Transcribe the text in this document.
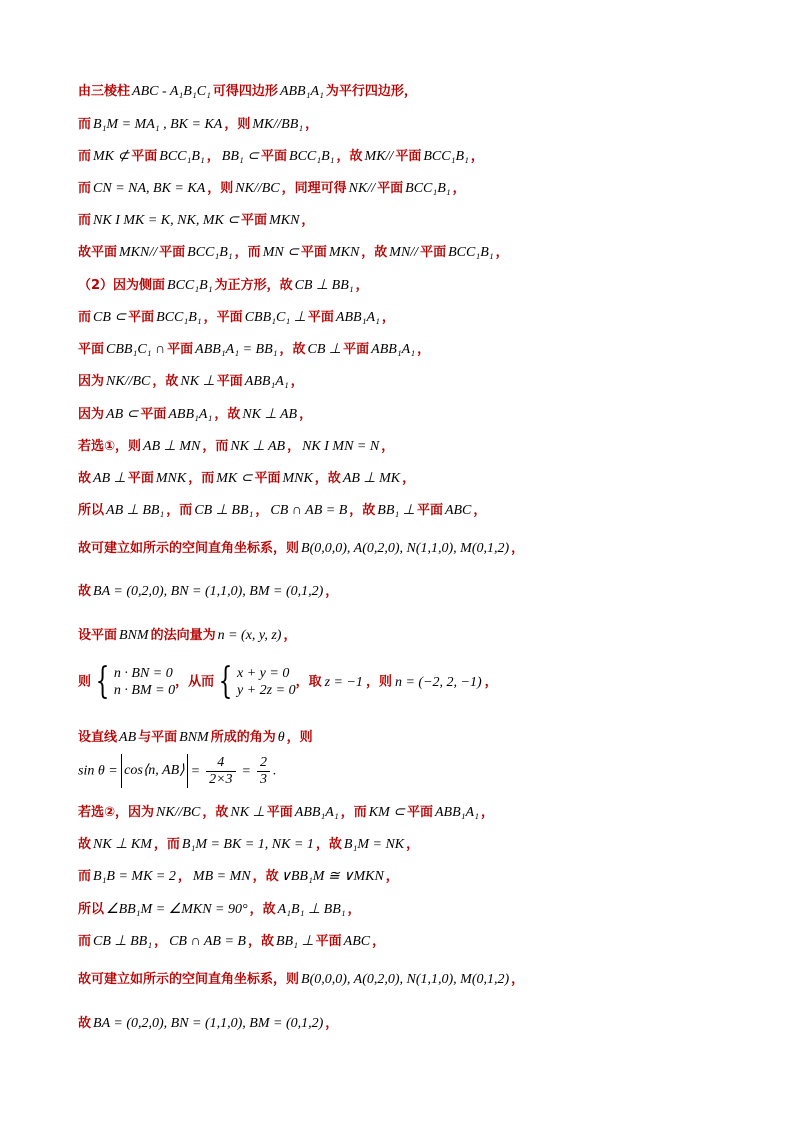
由三棱柱 ABC - A₁B₁C₁ 可得四边形 ABB₁A₁ 为平行四边形，
而 B₁M = MA₁ , BK = KA ，则 MK//BB₁ ，
而 MK ⊄ 平面 BCC₁B₁ ， BB₁ ⊂ 平面 BCC₁B₁ ，故 MK// 平面 BCC₁B₁ ，
而 CN = NA, BK = KA ，则 NK//BC ，同理可得 NK// 平面 BCC₁B₁ ，
而 NK I MK = K, NK, MK ⊂ 平面 MKN ，
故平面 MKN// 平面 BCC₁B₁ ，而 MN ⊂ 平面 MKN ，故 MN// 平面 BCC₁B₁ ，
（2）因为侧面 BCC₁B₁ 为正方形，故 CB ⊥ BB₁ ，
而 CB ⊂ 平面 BCC₁B₁ ，平面 CBB₁C₁ ⊥ 平面 ABB₁A₁ ，
平面 CBB₁C₁ ∩ 平面 ABB₁A₁ = BB₁ ，故 CB ⊥ 平面 ABB₁A₁ ，
因为 NK//BC ，故 NK ⊥ 平面 ABB₁A₁ ，
因为 AB ⊂ 平面 ABB₁A₁ ，故 NK ⊥ AB ，
若选①，则 AB ⊥ MN ，而 NK ⊥ AB ， NK I MN = N ，
故 AB ⊥ 平面 MNK ，而 MK ⊂ 平面 MNK ，故 AB ⊥ MK ，
所以 AB ⊥ BB₁ ，而 CB ⊥ BB₁ ， CB ∩ AB = B ，故 BB₁ ⊥ 平面 ABC ，
故可建立如所示的空间直角坐标系，则 B(0,0,0), A(0,2,0), N(1,1,0), M(0,1,2) ，
故 BA = (0,2,0), BN = (1,1,0), BM = (0,1,2) ，
设平面 BNM 的法向量为 n = (x, y, z) ，
则 { n · BN = 0
n · BM = 0
，从而 { x + y = 0
y + 2z = 0
，取 z = −1 ，则 n = (−2, 2, −1) ，
设直线 AB 与平面 BNM 所成的角为 θ ，则
sin θ = cos⟨n, AB⟩ = $\frac{4}{2\times 3} = \frac{2}{3}$ .
若选②，因为 NK//BC ，故 NK ⊥ 平面 ABB₁A₁ ，而 KM ⊂ 平面 ABB₁A₁ ，
故 NK ⊥ KM ，而 B₁M = BK = 1, NK = 1 ，故 B₁M = NK ，
而 B₁B = MK = 2 ， MB = MN ，故 ∨BB₁M ≅ ∨MKN ，
所以 ∠BB₁M = ∠MKN = 90° ，故 A₁B₁ ⊥ BB₁ ，
而 CB ⊥ BB₁ ， CB ∩ AB = B ，故 BB₁ ⊥ 平面 ABC ，
故可建立如所示的空间直角坐标系，则 B(0,0,0), A(0,2,0), N(1,1,0), M(0,1,2) ，
故 BA = (0,2,0), BN = (1,1,0), BM = (0,1,2) ，
